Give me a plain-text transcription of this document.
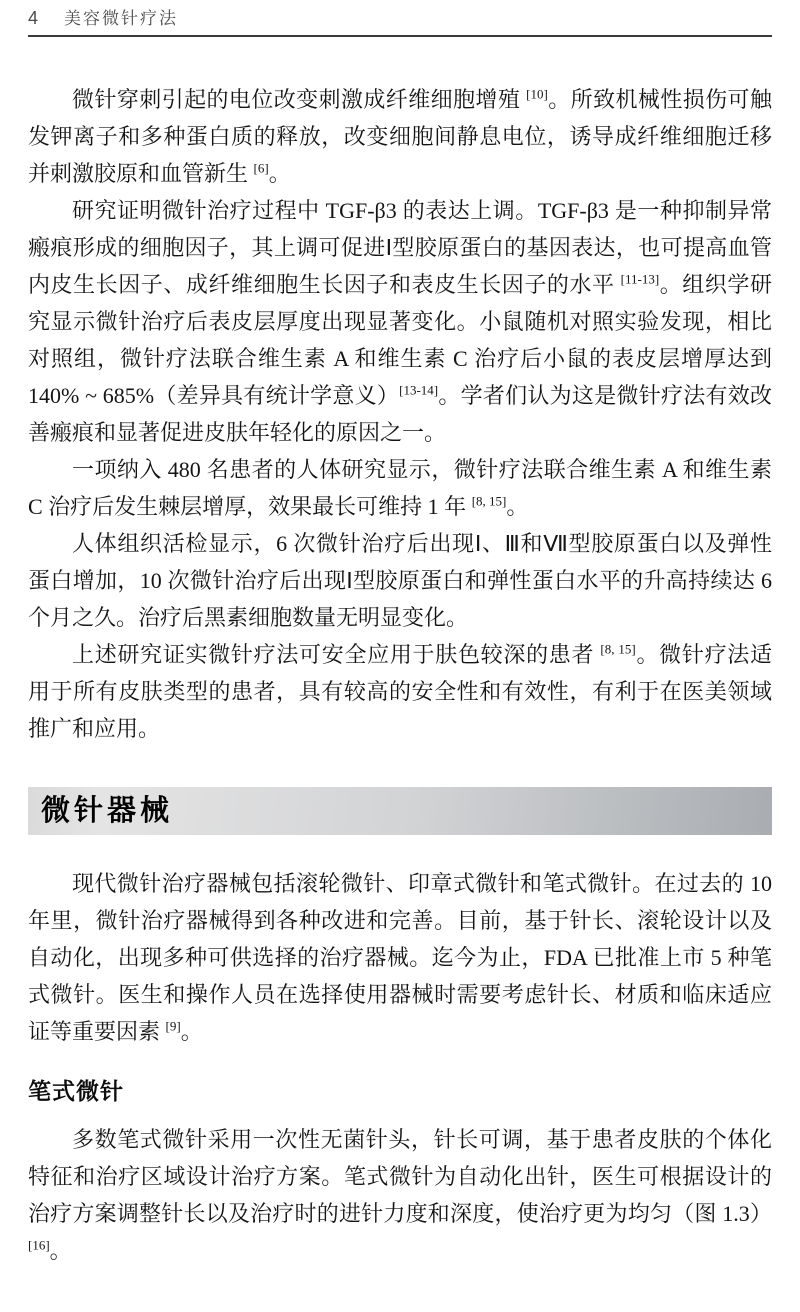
4 美容微针疗法

微针穿刺引起的电位改变刺激成纤维细胞增殖 [10]。所致机械性损伤可触发钾离子和多种蛋白质的释放，改变细胞间静息电位，诱导成纤维细胞迁移并刺激胶原和血管新生 [6]。

研究证明微针治疗过程中 TGF-β3 的表达上调。TGF-β3 是一种抑制异常瘢痕形成的细胞因子，其上调可促进Ⅰ型胶原蛋白的基因表达，也可提高血管内皮生长因子、成纤维细胞生长因子和表皮生长因子的水平 [11-13]。组织学研究显示微针治疗后表皮层厚度出现显著变化。小鼠随机对照实验发现，相比对照组，微针疗法联合维生素 A 和维生素 C 治疗后小鼠的表皮层增厚达到 140% ~ 685%（差异具有统计学意义）[13-14]。学者们认为这是微针疗法有效改善瘢痕和显著促进皮肤年轻化的原因之一。

一项纳入 480 名患者的人体研究显示，微针疗法联合维生素 A 和维生素 C 治疗后发生棘层增厚，效果最长可维持 1 年 [8, 15]。

人体组织活检显示，6 次微针治疗后出现Ⅰ、Ⅲ和Ⅶ型胶原蛋白以及弹性蛋白增加，10 次微针治疗后出现Ⅰ型胶原蛋白和弹性蛋白水平的升高持续达 6 个月之久。治疗后黑素细胞数量无明显变化。

上述研究证实微针疗法可安全应用于肤色较深的患者 [8, 15]。微针疗法适用于所有皮肤类型的患者，具有较高的安全性和有效性，有利于在医美领域推广和应用。

微针器械

现代微针治疗器械包括滚轮微针、印章式微针和笔式微针。在过去的 10 年里，微针治疗器械得到各种改进和完善。目前，基于针长、滚轮设计以及自动化，出现多种可供选择的治疗器械。迄今为止，FDA 已批准上市 5 种笔式微针。医生和操作人员在选择使用器械时需要考虑针长、材质和临床适应证等重要因素 [9]。

笔式微针

多数笔式微针采用一次性无菌针头，针长可调，基于患者皮肤的个体化特征和治疗区域设计治疗方案。笔式微针为自动化出针，医生可根据设计的治疗方案调整针长以及治疗时的进针力度和深度，使治疗更为均匀（图 1.3）[16]。
